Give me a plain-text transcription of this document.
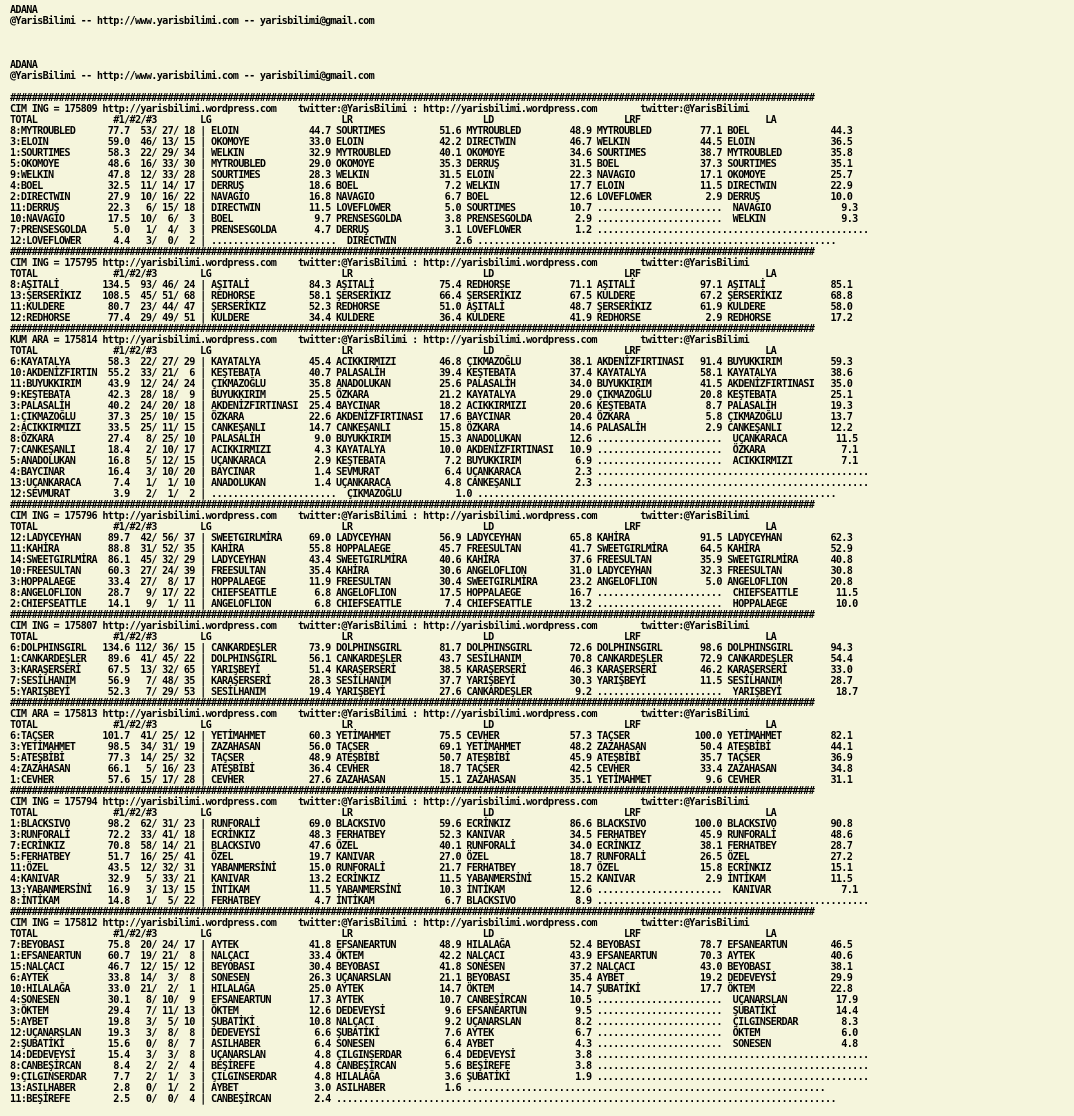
ADANA
@YarisBilimi -- http://www.yarisbilimi.com -- yarisbilimi@gmail.com

ADANA
@YarisBilimi -- http://www.yarisbilimi.com -- yarisbilimi@gmail.com

####################################################################################################################################################
CIM ING = 175809 http://yarisbilimi.wordpress.com    twitter:@YarisBilimi : http://yarisbilimi.wordpress.com        twitter:@YarisBilimi
TOTAL              #1/#2/#3        LG                        LR                        LD                        LRF                       LA
8:MYTROUBLED      77.7  53/ 27/ 18 | ELOIN             44.7 SOURTIMES          51.6 MYTROUBLED         48.9 MYTROUBLED         77.1 BOEL               44.3
3:ELOIN           59.0  46/ 13/ 15 | OKOMOYE           33.0 ELOIN              42.2 DIRECTWIN          46.7 WELKIN             44.5 ELOIN              36.5
1:SOURTIMES       58.3  22/ 29/ 34 | WELKIN            32.9 MYTROUBLED         40.1 OKOMOYE            34.6 SOURTIMES          38.7 MYTROUBLED         35.8
5:OKOMOYE         48.6  16/ 33/ 30 | MYTROUBLED        29.0 OKOMOYE            35.3 DERRUŞ             31.5 BOEL               37.3 SOURTIMES          35.1
9:WELKIN          47.8  12/ 33/ 28 | SOURTIMES         28.3 WELKIN             31.5 ELOIN              22.3 NAVAGIO            17.1 OKOMOYE            25.7
4:BOEL            32.5  11/ 14/ 17 | DERRUŞ            18.6 BOEL                7.2 WELKIN             17.7 ELOIN              11.5 DIRECTWIN          22.9
2:DIRECTWIN       27.9  10/ 16/ 22 | NAVAGIO           16.8 NAVAGIO             6.7 BOEL               12.6 LOVEFLOWER          2.9 DERRUŞ             10.0
11:DERRUŞ         22.3   6/ 15/ 18 | DIRECTWIN         11.5 LOVEFLOWER          5.0 SOURTIMES          10.7 .......................  NAVAGIO             9.3
10:NAVAGIO        17.5  10/  6/  3 | BOEL               9.7 PRENSESGOLDA        3.8 PRENSESGOLDA        2.9 .......................  WELKIN              9.3
7:PRENSESGOLDA     5.0   1/  4/  3 | PRENSESGOLDA       4.7 DERRUŞ              3.1 LOVEFLOWER          1.2 ..................................................
12:LOVEFLOWER      4.4   3/  0/  2 | .......................  DIRECTWIN           2.6 ..................................................................
####################################################################################################################################################
CIM ING = 175795 http://yarisbilimi.wordpress.com    twitter:@YarisBilimi : http://yarisbilimi.wordpress.com        twitter:@YarisBilimi
TOTAL              #1/#2/#3        LG                        LR                        LD                        LRF                       LA
8:AŞITALİ        134.5  93/ 46/ 24 | AŞITALİ           84.3 AŞITALİ            75.4 REDHORSE           71.1 AŞITALİ            97.1 AŞITALİ            85.1
13:ŞERSERİKIZ    108.5  45/ 51/ 68 | REDHORSE          58.1 ŞERSERİKIZ         66.4 ŞERSERİKIZ         67.5 KULDERE            67.2 ŞERSERİKIZ         68.8
11:KULDERE        80.7  23/ 44/ 47 | ŞERSERİKIZ        52.3 REDHORSE           51.0 AŞITALİ            48.7 ŞERSERİKIZ         61.9 KULDERE            58.0
12:REDHORSE       77.4  29/ 49/ 51 | KULDERE           34.4 KULDERE            36.4 KULDERE            41.9 REDHORSE            2.9 REDHORSE           17.2
####################################################################################################################################################
KUM ARA = 175814 http://yarisbilimi.wordpress.com    twitter:@YarisBilimi : http://yarisbilimi.wordpress.com        twitter:@YarisBilimi
TOTAL              #1/#2/#3        LG                        LR                        LD                        LRF                       LA
6:KAYATALYA       58.3  22/ 27/ 29 | KAYATALYA         45.4 ACIKKIRMIZI        46.8 ÇIKMAZOĞLU         38.1 AKDENİZFIRTINASI   91.4 BUYUKKIRIM         59.3
10:AKDENİZFIRTIN  55.2  33/ 21/  6 | KEŞTEBATA         40.7 PALASALİH          39.4 KEŞTEBATA          37.4 KAYATALYA          58.1 KAYATALYA          38.6
11:BUYUKKIRIM     43.9  12/ 24/ 24 | ÇIKMAZOĞLU        35.8 ANADOLUKAN         25.6 PALASALİH          34.0 BUYUKKIRIM         41.5 AKDENİZFIRTINASI   35.0
9:KEŞTEBATA       42.3  28/ 18/  9 | BUYUKKIRIM        25.5 ÖZKARA             21.2 KAYATALYA          29.0 ÇIKMAZOĞLU         20.8 KEŞTEBATA          25.1
3:PALASALİH       40.2  24/ 20/ 18 | AKDENİZFIRTINASI  25.4 BAYCINAR           18.2 ACIKKIRMIZI        20.6 KEŞTEBATA           8.7 PALASALİH          19.3
1:ÇIKMAZOĞLU      37.3  25/ 10/ 15 | ÖZKARA            22.6 AKDENİZFIRTINASI   17.6 BAYCINAR           20.4 ÖZKARA              5.8 ÇIKMAZOĞLU         13.7
2:ACIKKIRMIZI     33.5  25/ 11/ 15 | CANKEŞANLI        14.7 CANKEŞANLI         15.8 ÖZKARA             14.6 PALASALİH           2.9 CANKEŞANLI         12.2
8:ÖZKARA          27.4   8/ 25/ 10 | PALASALİH          9.0 BUYUKKIRIM         15.3 ANADOLUKAN         12.6 .......................  UÇANKARACA         11.5
7:CANKEŞANLI      18.4   2/ 10/ 17 | ACIKKIRMIZI        4.3 KAYATALYA          10.0 AKDENİZFIRTINASI   10.9 .......................  ÖZKARA              7.1
5:ANADOLUKAN      16.8   5/ 12/ 15 | UÇANKARACA         2.9 KEŞTEBATA           7.2 BUYUKKIRIM          6.9 .......................  ACIKKIRMIZI         7.1
4:BAYCINAR        16.4   3/ 10/ 20 | BAYCINAR           1.4 SEVMURAT            6.4 UÇANKARACA          2.3 ..................................................
13:UÇANKARACA      7.4   1/  1/ 10 | ANADOLUKAN         1.4 UÇANKARACA          4.8 CANKEŞANLI          2.3 ..................................................
12:SEVMURAT        3.9   2/  1/  2 | .......................  ÇIKMAZOĞLU          1.0 ..................................................................
####################################################################################################################################################
CIM ING = 175796 http://yarisbilimi.wordpress.com    twitter:@YarisBilimi : http://yarisbilimi.wordpress.com        twitter:@YarisBilimi
TOTAL              #1/#2/#3        LG                        LR                        LD                        LRF                       LA
12:LADYCEYHAN     89.7  42/ 56/ 37 | SWEETGIRLMİRA     69.0 LADYCEYHAN         56.9 LADYCEYHAN         65.8 KAHİRA             91.5 LADYCEYHAN         62.3
11:KAHİRA         88.8  31/ 52/ 35 | KAHİRA            55.8 HOPPALAEGE         45.7 FREESULTAN         41.7 SWEETGIRLMİRA      64.5 KAHİRA             52.9
14:SWEETGIRLMİRA  86.1  45/ 32/ 29 | LADYCEYHAN        43.4 SWEETGIRLMİRA      40.6 KAHİRA             37.6 FREESULTAN         35.9 SWEETGIRLMİRA      40.8
10:FREESULTAN     60.3  27/ 24/ 39 | FREESULTAN        35.4 KAHİRA             30.6 ANGELOFLION        31.0 LADYCEYHAN         32.3 FREESULTAN         30.8
3:HOPPALAEGE      33.4  27/  8/ 17 | HOPPALAEGE        11.9 FREESULTAN         30.4 SWEETGIRLMİRA      23.2 ANGELOFLION         5.0 ANGELOFLION        20.8
8:ANGELOFLION     28.7   9/ 17/ 22 | CHIEFSEATTLE       6.8 ANGELOFLION        17.5 HOPPALAEGE         16.7 .......................  CHIEFSEATTLE       11.5
2:CHIEFSEATTLE    14.1   9/  1/ 11 | ANGELOFLION        6.8 CHIEFSEATTLE        7.4 CHIEFSEATTLE       13.2 .......................  HOPPALAEGE         10.0
####################################################################################################################################################
CIM ING = 175807 http://yarisbilimi.wordpress.com    twitter:@YarisBilimi : http://yarisbilimi.wordpress.com        twitter:@YarisBilimi
TOTAL              #1/#2/#3        LG                        LR                        LD                        LRF                       LA
6:DOLPHINSGIRL   134.6 112/ 36/ 15 | CANKARDEŞLER      73.9 DOLPHINSGIRL       81.7 DOLPHINSGIRL       72.6 DOLPHINSGIRL       98.6 DOLPHINSGIRL       94.3
1:CANKARDEŞLER    89.6  41/ 45/ 22 | DOLPHINSGIRL      56.1 CANKARDEŞLER       43.7 SESİLHANIM         70.8 CANKARDEŞLER       72.9 CANKARDEŞLER       54.4
3:KARAŞERSERİ     67.5  13/ 32/ 65 | YARIŞBEYİ         51.4 KARAŞERSERİ        38.5 KARAŞERSERİ        46.3 KARAŞERSERİ        46.2 KARAŞERSERİ        33.0
7:SESİLHANIM      56.9   7/ 48/ 35 | KARAŞERSERİ       28.3 SESİLHANIM         37.7 YARIŞBEYİ          30.3 YARIŞBEYİ          11.5 SESİLHANIM         28.7
5:YARIŞBEYİ       52.3   7/ 29/ 53 | SESİLHANIM        19.4 YARIŞBEYİ          27.6 CANKARDEŞLER        9.2 .......................  YARIŞBEYİ          18.7
####################################################################################################################################################
CIM ARA = 175813 http://yarisbilimi.wordpress.com    twitter:@YarisBilimi : http://yarisbilimi.wordpress.com        twitter:@YarisBilimi
TOTAL              #1/#2/#3        LG                        LR                        LD                        LRF                       LA
6:TAÇSER         101.7  41/ 25/ 12 | YETİMAHMET        60.3 YETİMAHMET         75.5 CEVHER             57.3 TAÇSER            100.0 YETİMAHMET         82.1
3:YETİMAHMET      98.5  34/ 31/ 19 | ZAZAHASAN         56.0 TAÇSER             69.1 YETİMAHMET         48.2 ZAZAHASAN          50.4 ATEŞBİBİ           44.1
5:ATEŞBİBİ        77.3  14/ 25/ 32 | TAÇSER            48.9 ATEŞBİBİ           50.7 ATEŞBİBİ           45.9 ATEŞBİBİ           35.7 TAÇSER             36.9
4:ZAZAHASAN       66.1   5/ 16/ 23 | ATEŞBİBİ          36.4 CEVHER             18.7 TAÇSER             42.5 CEVHER             33.4 ZAZAHASAN          34.8
1:CEVHER          57.6  15/ 17/ 28 | CEVHER            27.6 ZAZAHASAN          15.1 ZAZAHASAN          35.1 YETİMAHMET          9.6 CEVHER             31.1
####################################################################################################################################################
CIM ING = 175794 http://yarisbilimi.wordpress.com    twitter:@YarisBilimi : http://yarisbilimi.wordpress.com        twitter:@YarisBilimi
TOTAL              #1/#2/#3        LG                        LR                        LD                        LRF                       LA
1:BLACKSIVO       98.2  62/ 31/ 23 | RUNFORALİ         69.0 BLACKSIVO          59.6 ECRİNKIZ           86.6 BLACKSIVO         100.0 BLACKSIVO          90.8
3:RUNFORALİ       72.2  33/ 41/ 18 | ECRİNKIZ          48.3 FERHATBEY          52.3 KANIVAR            34.5 FERHATBEY          45.9 RUNFORALİ          48.6
7:ECRİNKIZ        70.8  58/ 14/ 21 | BLACKSIVO         47.6 ÖZEL               40.1 RUNFORALİ          34.0 ECRİNKIZ           38.1 FERHATBEY          28.7
5:FERHATBEY       51.7  16/ 25/ 41 | ÖZEL              19.7 KANIVAR            27.0 ÖZEL               18.7 RUNFORALİ          26.5 ÖZEL               27.2
11:ÖZEL           43.5  12/ 32/ 31 | YABANMERSİNİ      15.0 RUNFORALİ          21.7 FERHATBEY          18.7 ÖZEL               15.8 ECRİNKIZ           15.1
4:KANIVAR         32.9   5/ 33/ 21 | KANIVAR           13.2 ECRİNKIZ           11.5 YABANMERSİNİ       15.2 KANIVAR             2.9 İNTİKAM            11.5
13:YABANMERSİNİ   16.9   3/ 13/ 15 | İNTİKAM           11.5 YABANMERSİNİ       10.3 İNTİKAM            12.6 .......................  KANIVAR             7.1
8:İNTİKAM         14.8   1/  5/ 22 | FERHATBEY          4.7 İNTİKAM             6.7 BLACKSIVO           8.9 ..................................................
####################################################################################################################################################
CIM ING = 175812 http://yarisbilimi.wordpress.com    twitter:@YarisBilimi : http://yarisbilimi.wordpress.com        twitter:@YarisBilimi
TOTAL              #1/#2/#3        LG                        LR                        LD                        LRF                       LA
7:BEYOBASI        75.8  20/ 24/ 17 | AYTEK             41.8 EFSANEARTUN        48.9 HILALAĞA           52.4 BEYOBASI           78.7 EFSANEARTUN        46.5
1:EFSANEARTUN     60.7  19/ 21/  8 | NALÇACI           33.4 ÖKTEM              42.2 NALÇACI            43.9 EFSANEARTUN        70.3 AYTEK              40.6
15:NALÇACI        46.7  12/ 15/ 12 | BEYOBASI          30.4 BEYOBASI           41.8 SONESEN            37.2 NALÇACI            43.0 BEYOBASI           38.1
6:AYTEK           33.8  14/  3/  8 | SONESEN           26.3 UÇANARSLAN         21.1 BEYOBASI           35.4 AYBET              19.2 DEDEVEYSİ          29.9
10:HILALAĞA       33.0  21/  2/  1 | HILALAĞA          25.0 AYTEK              14.7 ÖKTEM              14.7 ŞUBATİKİ           17.7 ÖKTEM              22.8
4:SONESEN         30.1   8/ 10/  9 | EFSANEARTUN       17.3 AYTEK              10.7 CANBEŞİRCAN        10.5 .......................  UÇANARSLAN         17.9
3:ÖKTEM           29.4   7/ 11/ 13 | ÖKTEM             12.6 DEDEVEYSİ           9.6 EFSANEARTUN         9.5 .......................  ŞUBATİKİ           14.4
5:AYBET           19.8   3/  5/ 10 | ŞUBATİKİ          10.8 NALÇACI             9.2 UÇANARSLAN          8.2 .......................  ÇILGINSERDAR        8.3
12:UÇANARSLAN     19.3   3/  8/  8 | DEDEVEYSİ          6.6 ŞUBATİKİ            7.6 AYTEK               6.7 .......................  ÖKTEM               6.0
2:ŞUBATİKİ        15.6   0/  8/  7 | ASILHABER          6.4 SONESEN             6.4 AYBET               4.3 .......................  SONESEN             4.8
14:DEDEVEYSİ      15.4   3/  3/  8 | UÇANARSLAN         4.8 ÇILGINSERDAR        6.4 DEDEVEYSİ           3.8 ..................................................
8:CANBEŞİRCAN      8.4   2/  2/  4 | BEŞİREFE           4.8 CANBEŞİRCAN         5.6 BEŞİREFE            3.8 ..................................................
9:ÇILGINSERDAR     7.7   2/  1/  3 | ÇILGINSERDAR       4.8 HILALAĞA            3.6 ŞUBATİKİ            1.9 ..................................................
13:ASILHABER       2.8   0/  1/  2 | AYBET              3.0 ASILHABER           1.6 ..................................................................
11:BEŞİREFE        2.5   0/  0/  4 | CANBEŞİRCAN        2.4 ............................................................................................
